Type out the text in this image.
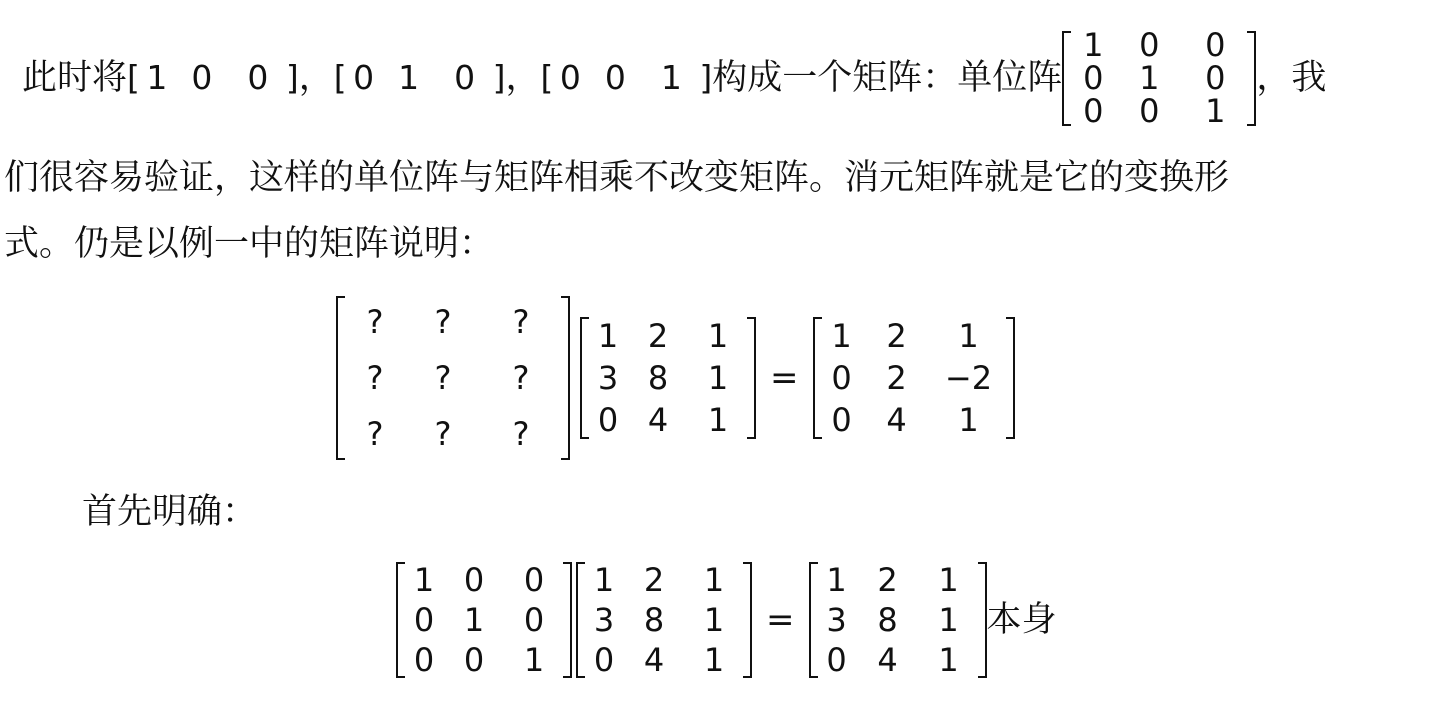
此时将 [ 1 0	0 ] ， [ 0 1	0 ] ， [ 0 0	1 ] 构成一个矩阵：单位阵
1	0	0
0	1	0
0	0	1
，我
们很容易验证，这样的单位阵与矩阵相乘不改变矩阵。消元矩阵就是它的变换形
式。仍是以例一中的矩阵说明：
?	?	?
?	?	?
?	?	?
1 2	1
3 8	1
0 4	1
=
1	2	1
0	2	−2
0	4	1
首先明确：
1 0	0
0 1	0
0 0	1
1 2	1
3 8	1
0 4	1
=
1 2	1
3 8	1
0 4	1
本身
